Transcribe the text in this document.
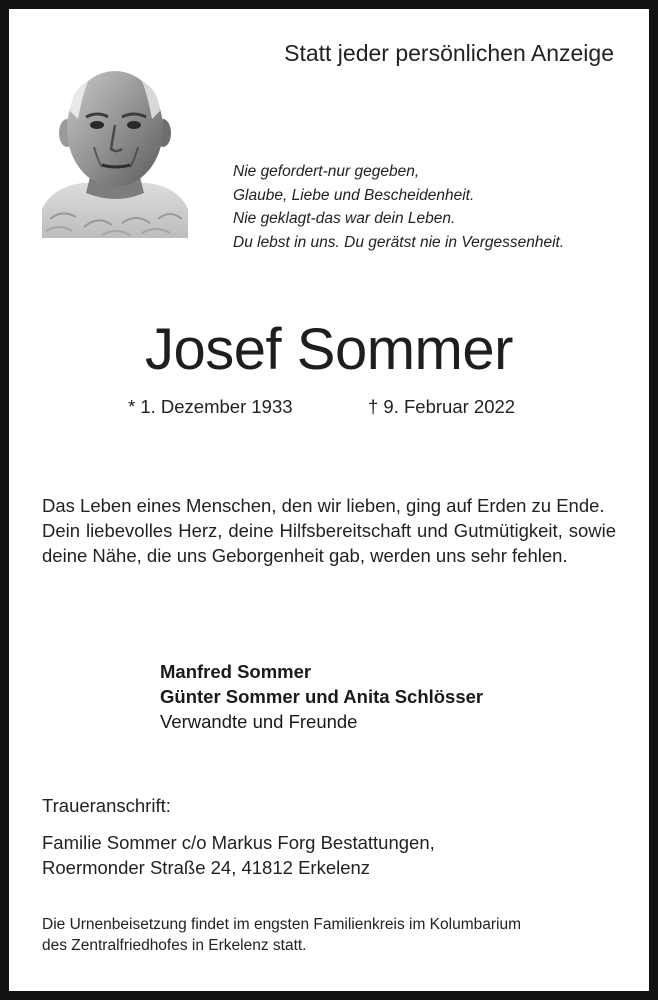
Statt jeder persönlichen Anzeige
Nie gefordert-nur gegeben,
Glaube, Liebe und Bescheidenheit.
Nie geklagt-das war dein Leben.
Du lebst in uns. Du gerätst nie in Vergessenheit.
Josef Sommer
* 1. Dezember 1933	† 9. Februar 2022

Das Leben eines Menschen, den wir lieben, ging auf Erden zu Ende.

Dein liebevolles Herz, deine Hilfsbereitschaft und Gutmütigkeit, sowie deine Nähe, die uns Geborgenheit gab, werden uns sehr fehlen.

Manfred Sommer
Günter Sommer und Anita Schlösser
Verwandte und Freunde
Traueranschrift:
Familie Sommer c/o Markus Forg Bestattungen,
Roermonder Straße 24, 41812 Erkelenz
Die Urnenbeisetzung findet im engsten Familienkreis im Kolumbarium
des Zentralfriedhofes in Erkelenz statt.
